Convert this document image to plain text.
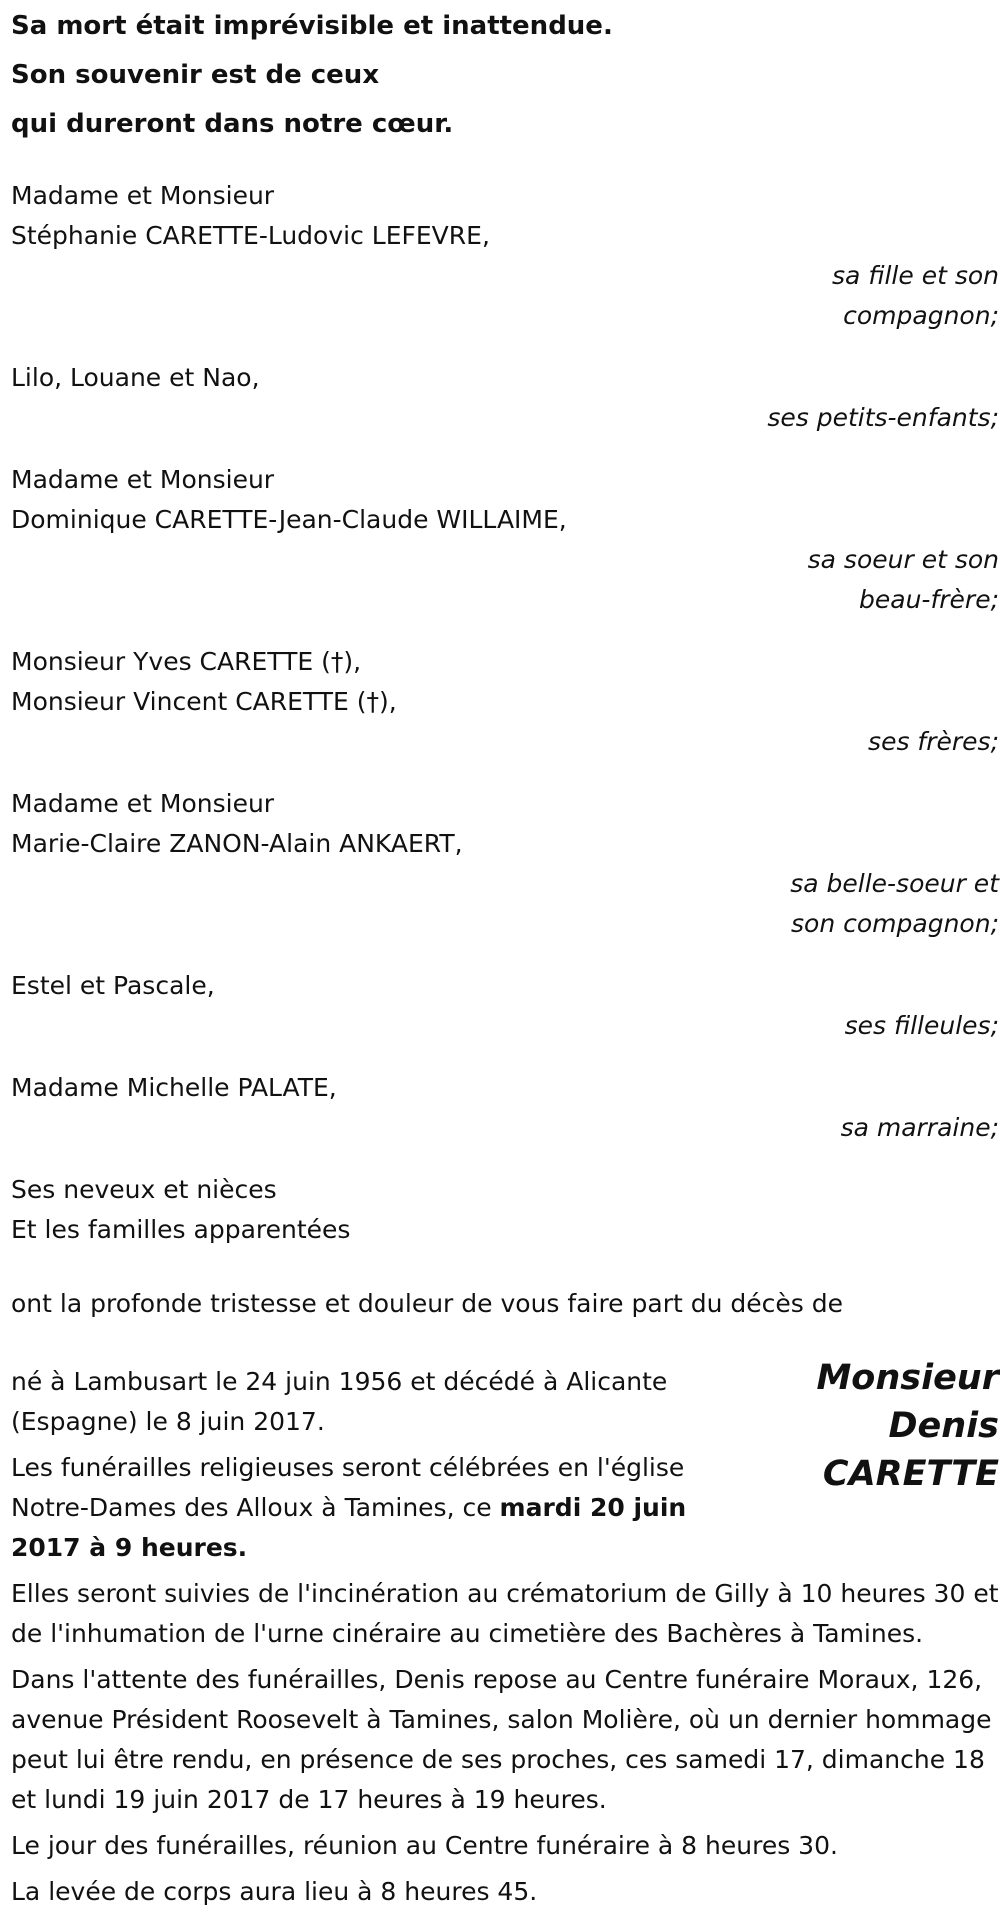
Sa mort était imprévisible et inattendue.
Son souvenir est de ceux
qui dureront dans notre cœur.
Madame et Monsieur
Stéphanie CARETTE-Ludovic LEFEVRE,
sa fille et son
compagnon;
Lilo, Louane et Nao,
ses petits-enfants;
Madame et Monsieur
Dominique CARETTE-Jean-Claude WILLAIME,
sa soeur et son
beau-frère;
Monsieur Yves CARETTE (†),
Monsieur Vincent CARETTE (†),
ses frères;
Madame et Monsieur
Marie-Claire ZANON-Alain ANKAERT,
sa belle-soeur et
son compagnon;
Estel et Pascale,
ses filleules;
Madame Michelle PALATE,
sa marraine;
Ses neveux et nièces
Et les familles apparentées
ont la profonde tristesse et douleur de vous faire part du décès de
Monsieur
Denis
CARETTE
né à Lambusart le 24 juin 1956 et décédé à Alicante (Espagne) le 8 juin 2017.
Les funérailles religieuses seront célébrées en l'église Notre-Dames des Alloux à Tamines, ce mardi 20 juin 2017 à 9 heures.
Elles seront suivies de l'incinération au crématorium de Gilly à 10 heures 30 et de l'inhumation de l'urne cinéraire au cimetière des Bachères à Tamines.
Dans l'attente des funérailles, Denis repose au Centre funéraire Moraux, 126, avenue Président Roosevelt à Tamines, salon Molière, où un dernier hommage peut lui être rendu, en présence de ses proches, ces samedi 17, dimanche 18 et lundi 19 juin 2017 de 17 heures à 19 heures.
Le jour des funérailles, réunion au Centre funéraire à 8 heures 30.
La levée de corps aura lieu à 8 heures 45.
